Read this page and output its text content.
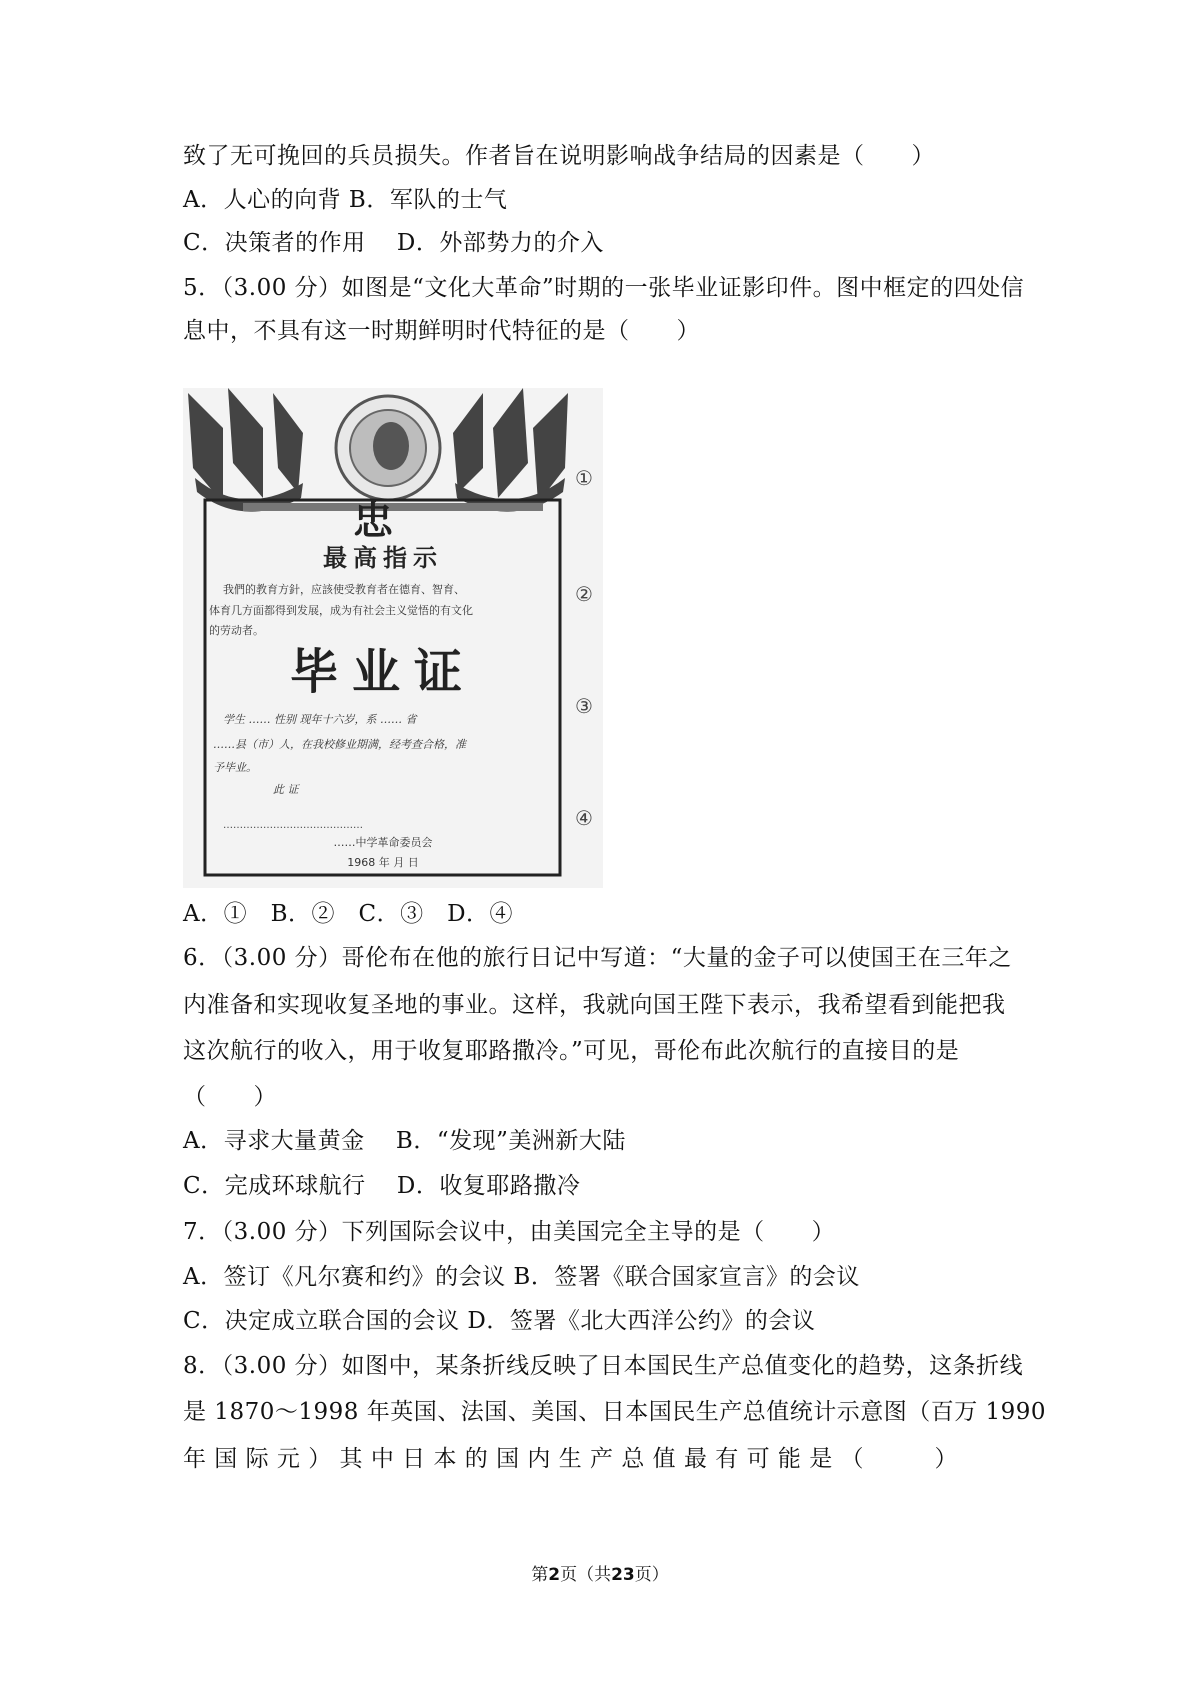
致了无可挽回的兵员损失。作者旨在说明影响战争结局的因素是（　　）
A．人心的向背 B．军队的士气
C．决策者的作用　 D．外部势力的介入
5．（3.00 分）如图是“文化大革命”时期的一张毕业证影印件。图中框定的四处信
息中，不具有这一时期鲜明时代特征的是（　　）
忠
最高指示
我們的教育方針，应該使受教育者在德育、智育、
体育几方面都得到发展，成为有社会主义觉悟的有文化
的劳动者。
毕业证
学生 …… 性别 现年十六岁，系 …… 省
……县（市）人，在我校修业期满，经考查合格，准
予毕业。
此 证
……………………………………
……中学革命委员会
1968 年 月 日
①
②
③
④
A．①　B．②　C．③　D．④
6．（3.00 分）哥伦布在他的旅行日记中写道：“大量的金子可以使国王在三年之
内准备和实现收复圣地的事业。这样，我就向国王陛下表示，我希望看到能把我
这次航行的收入，用于收复耶路撒冷。”可见，哥伦布此次航行的直接目的是
（　　）
A．寻求大量黄金　 B．“发现”美洲新大陆
C．完成环球航行　 D．收复耶路撒冷
7．（3.00 分）下列国际会议中，由美国完全主导的是（　　）
A．签订《凡尔赛和约》的会议 B．签署《联合国家宣言》的会议
C．决定成立联合国的会议 D．签署《北大西洋公约》的会议
8．（3.00 分）如图中，某条折线反映了日本国民生产总值变化的趋势，这条折线
是 1870～1998 年英国、法国、美国、日本国民生产总值统计示意图（百万 1990
年 国 际 元 ） 其 中 日 本 的 国 内 生 产 总 值 最 有 可 能 是 （　　　）
第2页（共23页）
